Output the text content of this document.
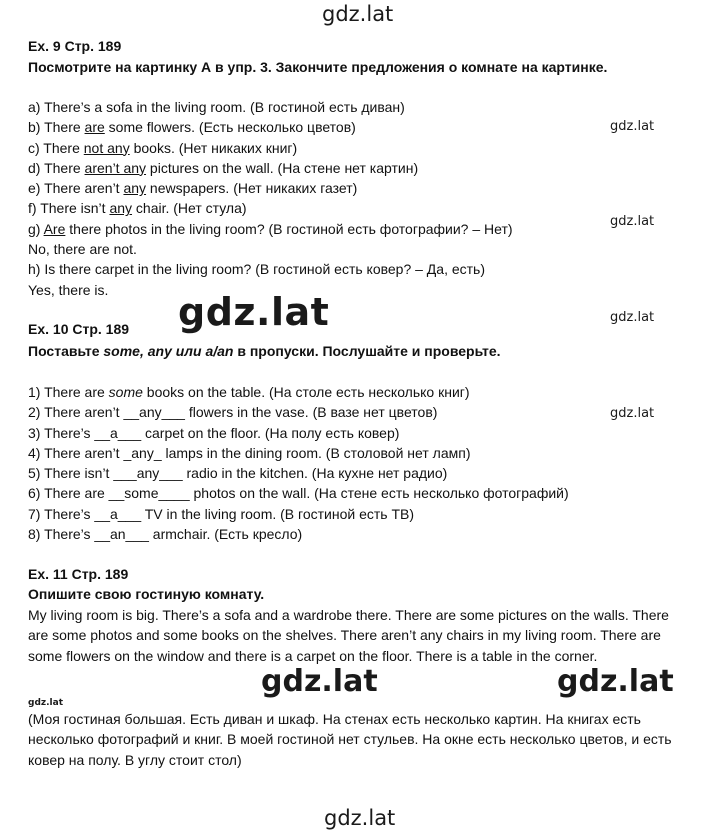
gdz.lat
gdz.lat
gdz.lat
gdz.lat
gdz.lat
gdz.lat
gdz.lat	gdz.lat
gdz.lat
gdz.lat
Ex. 9 Стр. 189
Посмотрите на картинку А в упр. 3. Закончите предложения о комнате на картинке.
a) There’s a sofa in the living room. (В гостиной есть диван)
b) There are some flowers. (Есть несколько цветов)
c) There not any books. (Нет никаких книг)
d) There aren’t any pictures on the wall. (На стене нет картин)
e) There aren’t any newspapers. (Нет никаких газет)
f) There isn’t any chair. (Нет стула)
g) Are there photos in the living room? (В гостиной есть фотографии? – Нет)
No, there are not.
h) Is there carpet in the living room? (В гостиной есть ковер? – Да, есть)
Yes, there is.
Ex. 10 Стр. 189
Поставьте some, any или a/an в пропуски. Послушайте и проверьте.
1) There are some books on the table. (На столе есть несколько книг)
2) There aren’t __any___ flowers in the vase. (В вазе нет цветов)
3) There’s __a___ carpet on the floor. (На полу есть ковер)
4) There aren’t _any_ lamps in the dining room. (В столовой нет ламп)
5) There isn’t ___any___ radio in the kitchen. (На кухне нет радио)
6) There are __some____ photos on the wall. (На стене есть несколько фотографий)
7) There’s __a___ TV in the living room. (В гостиной есть ТВ)
8) There’s __an___ armchair. (Есть кресло)
Ex. 11 Стр. 189
Опишите свою гостиную комнату.
My living room is big. There’s a sofa and a wardrobe there. There are some pictures on the walls. There are some photos and some books on the shelves. There aren’t any chairs in my living room. There are some flowers on the window and there is a carpet on the floor. There is a table in the corner.
(Моя гостиная большая. Есть диван и шкаф. На стенах есть несколько картин. На книгах есть несколько фотографий и книг. В моей гостиной нет стульев. На окне есть несколько цветов, и есть ковер на полу. В углу стоит стол)
